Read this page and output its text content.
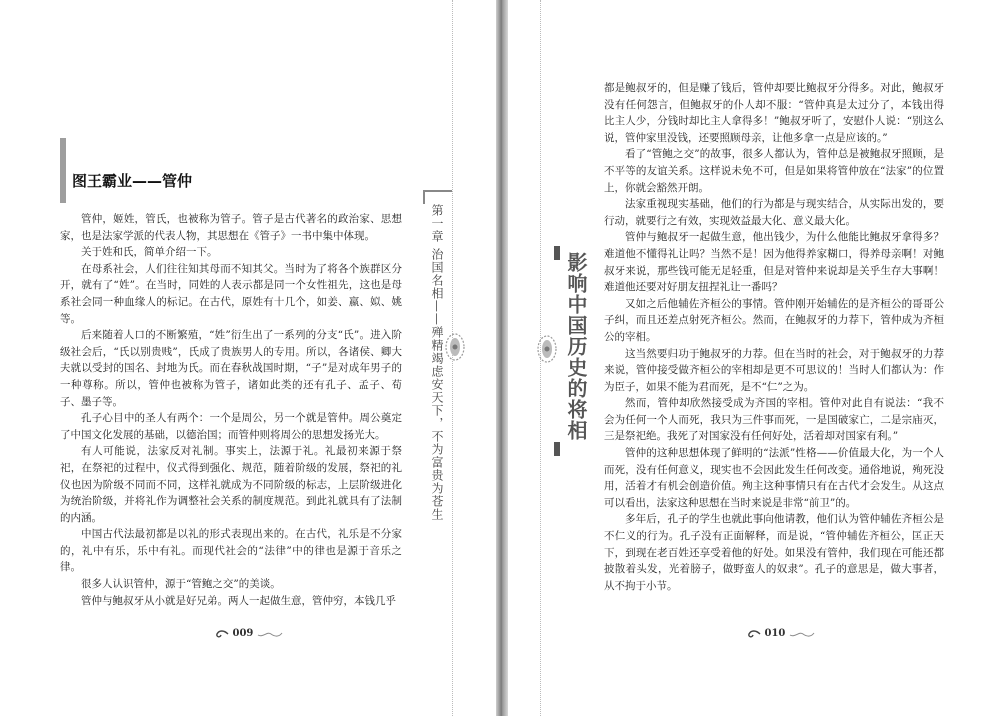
图王霸业——管仲

管仲，姬姓，管氏，也被称为管子。管子是古代著名的政治家、思想家，也是法家学派的代表人物，其思想在《管子》一书中集中体现。

关于姓和氏，简单介绍一下。

在母系社会，人们往往知其母而不知其父。当时为了将各个族群区分开，就有了“姓”。在当时，同姓的人表示都是同一个女性祖先，这也是母系社会同一种血缘人的标记。在古代，原姓有十几个，如姜、嬴、姒、姚等。

后来随着人口的不断繁殖，“姓”衍生出了一系列的分支“氏”。进入阶级社会后，“氏以别贵贱”，氏成了贵族男人的专用。所以，各诸侯、卿大夫就以受封的国名、封地为氏。而在春秋战国时期，“子”是对成年男子的一种尊称。所以，管仲也被称为管子，诸如此类的还有孔子、孟子、荀子、墨子等。

孔子心目中的圣人有两个：一个是周公，另一个就是管仲。周公奠定了中国文化发展的基础，以德治国；而管仲则将周公的思想发扬光大。

有人可能说，法家反对礼制。事实上，法源于礼。礼最初来源于祭祀，在祭祀的过程中，仪式得到强化、规范，随着阶级的发展，祭祀的礼仪也因为阶级不同而不同，这样礼就成为不同阶级的标志，上层阶级进化为统治阶级，并将礼作为调整社会关系的制度规范。到此礼就具有了法制的内涵。

中国古代法最初都是以礼的形式表现出来的。在古代，礼乐是不分家的，礼中有乐，乐中有礼。而现代社会的“法律”中的律也是源于音乐之律。

很多人认识管仲，源于“管鲍之交”的美谈。

管仲与鲍叔牙从小就是好兄弟。两人一起做生意，管仲穷，本钱几乎

第一章 治国名相——殚精竭虑安天下，不为富贵为苍生
009

都是鲍叔牙的，但是赚了钱后，管仲却要比鲍叔牙分得多。对此，鲍叔牙没有任何怨言，但鲍叔牙的仆人却不服：“管仲真是太过分了，本钱出得比主人少，分钱时却比主人拿得多！”鲍叔牙听了，安慰仆人说：“别这么说，管仲家里没钱，还要照顾母亲，让他多拿一点是应该的。”

看了“管鲍之交”的故事，很多人都认为，管仲总是被鲍叔牙照顾，是不平等的友谊关系。这样说未免不可，但是如果将管仲放在“法家”的位置上，你就会豁然开朗。

法家重视现实基础，他们的行为都是与现实结合，从实际出发的，要行动，就要行之有效，实现效益最大化、意义最大化。

管仲与鲍叔牙一起做生意，他出钱少，为什么他能比鲍叔牙拿得多？难道他不懂得礼让吗？当然不是！因为他得养家糊口，得养母亲啊！对鲍叔牙来说，那些钱可能无足轻重，但是对管仲来说却是关乎生存大事啊！难道他还要对好朋友扭捏礼让一番吗？

又如之后他辅佐齐桓公的事情。管仲刚开始辅佐的是齐桓公的哥哥公子纠，而且还差点射死齐桓公。然而，在鲍叔牙的力荐下，管仲成为齐桓公的宰相。

这当然要归功于鲍叔牙的力荐。但在当时的社会，对于鲍叔牙的力荐来说，管仲接受做齐桓公的宰相却是更不可思议的！当时人们都认为：作为臣子，如果不能为君而死，是不“仁”之为。

然而，管仲却欣然接受成为齐国的宰相。管仲对此自有说法：“我不会为任何一个人而死，我只为三件事而死，一是国破家亡，二是宗庙灭，三是祭祀绝。我死了对国家没有任何好处，活着却对国家有利。”

管仲的这种思想体现了鲜明的“法派”性格——价值最大化，为一个人而死，没有任何意义，现实也不会因此发生任何改变。通俗地说，殉死没用，活着才有机会创造价值。殉主这种事情只有在古代才会发生。从这点可以看出，法家这种思想在当时来说是非常“前卫”的。

多年后，孔子的学生也就此事向他请教，他们认为管仲辅佐齐桓公是不仁义的行为。孔子没有正面解释，而是说，“管仲辅佐齐桓公，匡正天下，到现在老百姓还享受着他的好处。如果没有管仲，我们现在可能还都披散着头发，光着膀子，做野蛮人的奴隶”。孔子的意思是，做大事者，从不拘于小节。

影响中国历史的将相
010
